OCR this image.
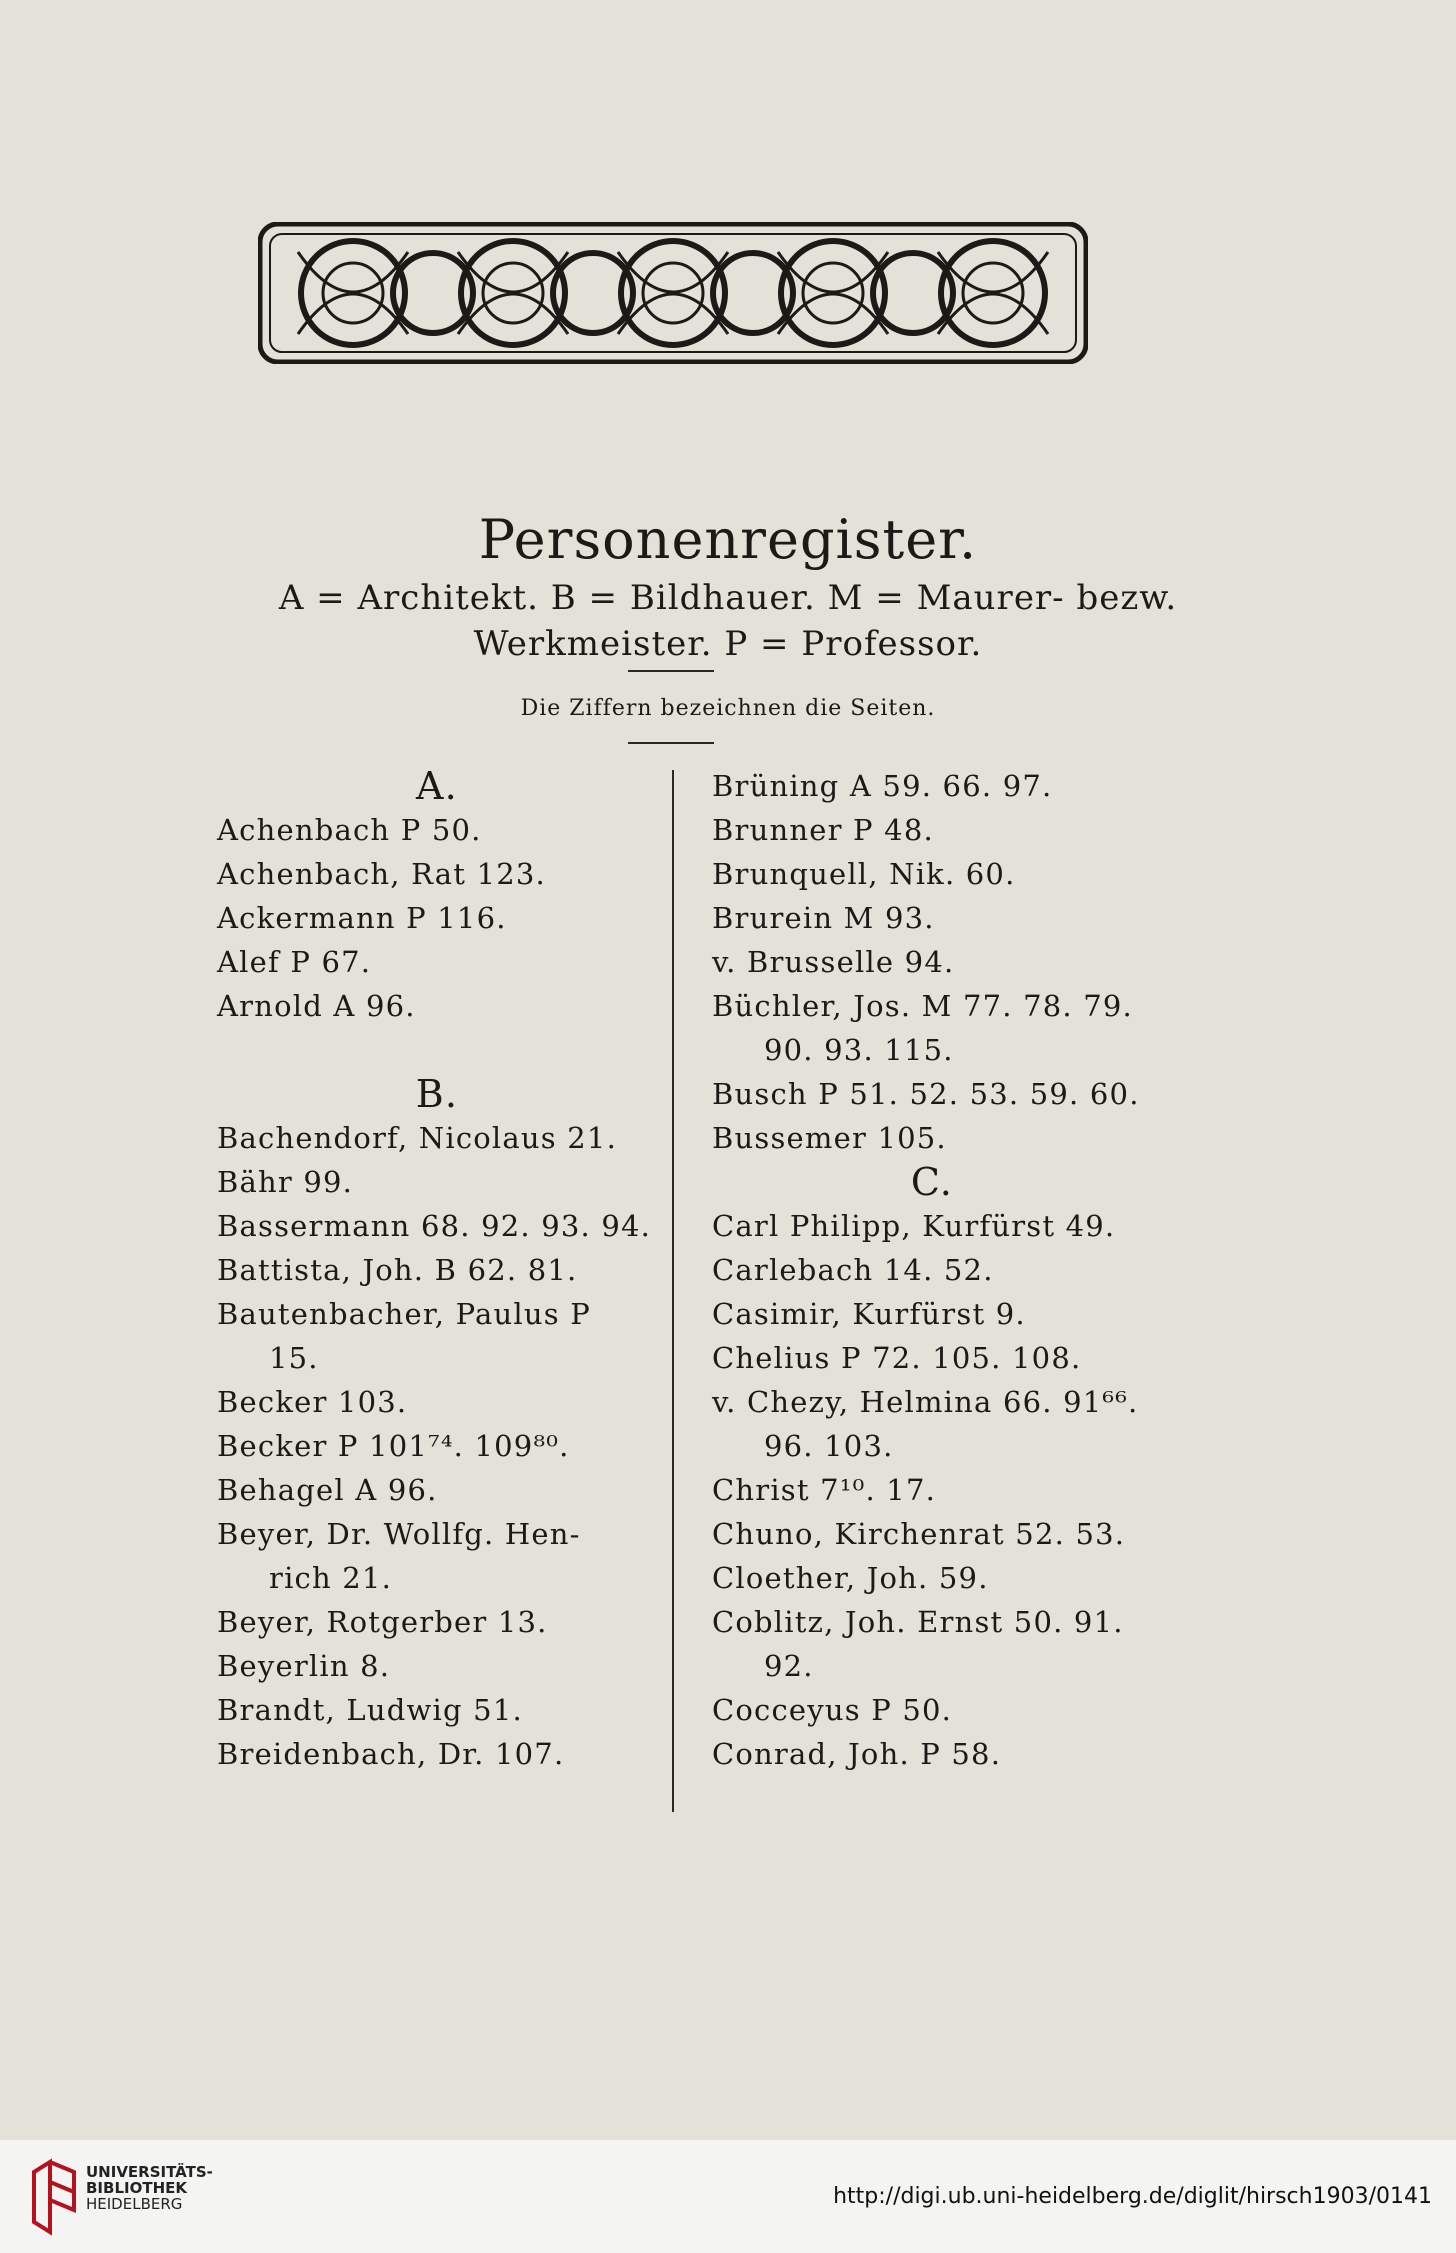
Personenregister.
A = Architekt. B = Bildhauer. M = Maurer- bezw.
Werkmeister. P = Professor.
Die Ziffern bezeichnen die Seiten.
A.
Achenbach P 50.
Achenbach, Rat 123.
Ackermann P 116.
Alef P 67.
Arnold A 96.
B.
Bachendorf, Nicolaus 21.
Bähr 99.
Bassermann 68. 92. 93. 94.
Battista, Joh. B 62. 81.
Bautenbacher, Paulus P
15.
Becker 103.
Becker P 101⁷⁴. 109⁸⁰.
Behagel A 96.
Beyer, Dr. Wollfg. Hen-
rich 21.
Beyer, Rotgerber 13.
Beyerlin 8.
Brandt, Ludwig 51.
Breidenbach, Dr. 107.
Brüning A 59. 66. 97.
Brunner P 48.
Brunquell, Nik. 60.
Brurein M 93.
v. Brusselle 94.
Büchler, Jos. M 77. 78. 79.
90. 93. 115.
Busch P 51. 52. 53. 59. 60.
Bussemer 105.
C.
Carl Philipp, Kurfürst 49.
Carlebach 14. 52.
Casimir, Kurfürst 9.
Chelius P 72. 105. 108.
v. Chezy, Helmina 66. 91⁶⁶.
96. 103.
Christ 7¹⁰. 17.
Chuno, Kirchenrat 52. 53.
Cloether, Joh. 59.
Coblitz, Joh. Ernst 50. 91.
92.
Cocceyus P 50.
Conrad, Joh. P 58.
UNIVERSITÄTS-
BIBLIOTHEK
HEIDELBERG	http://digi.ub.uni-heidelberg.de/diglit/hirsch1903/0141
